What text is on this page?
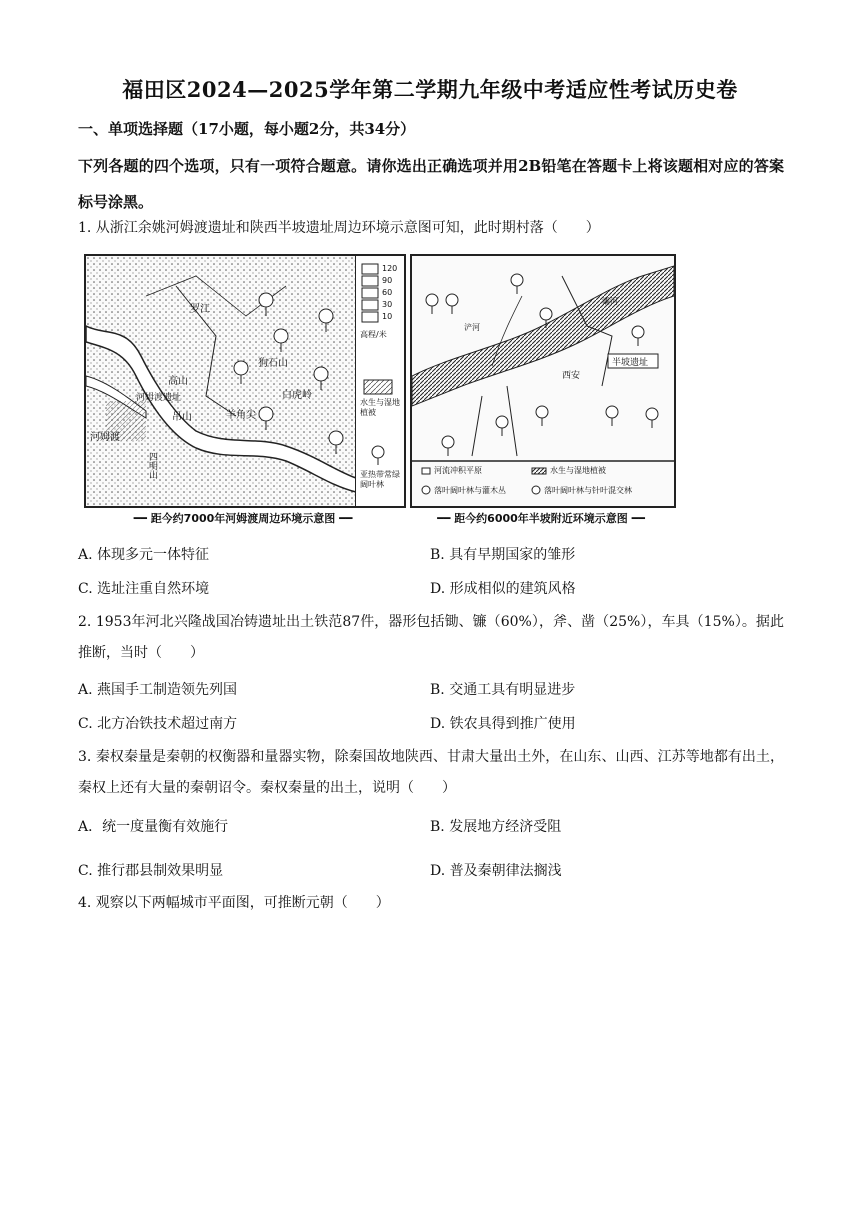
福田区2024—2025学年第二学期九年级中考适应性考试历史卷
一、单项选择题（17小题，每小题2分，共34分）
下列各题的四个选项，只有一项符合题意。请你选出正确选项并用2B铅笔在答题卡上将该题相对应的答案标号涂黑。
1. 从浙江余姚河姆渡遗址和陕西半坡遗址周边环境示意图可知，此时期村落（　　）
罗江
高山
河姆渡遗址
吊山
河姆渡
四明山
狗石山
白虎岭
羊角尖
120
90
60
30
10
高程/米
水生与湿地植被
亚热带常绿阔叶林
灞河
浐河
西安
半坡遗址
河流冲积平原	水生与湿地植被
落叶阔叶林与灌木丛	落叶阔叶林与针叶混交林
━━ 距今约7000年河姆渡周边环境示意图 ━━	━━ 距今约6000年半坡附近环境示意图 ━━
A. 体现多元一体特征	B. 具有早期国家的雏形
C. 选址注重自然环境	D. 形成相似的建筑风格
2. 1953年河北兴隆战国冶铸遗址出土铁范87件，器形包括锄、镰（60%），斧、凿（25%），车具（15%）。据此推断，当时（　　）
A. 燕国手工制造领先列国	B. 交通工具有明显进步
C. 北方冶铁技术超过南方	D. 铁农具得到推广使用
3. 秦权秦量是秦朝的权衡器和量器实物，除秦国故地陕西、甘肃大量出土外，在山东、山西、江苏等地都有出土，秦权上还有大量的秦朝诏令。秦权秦量的出土，说明（　　）
A．统一度量衡有效施行	B. 发展地方经济受阻
C. 推行郡县制效果明显	D. 普及秦朝律法搁浅
4. 观察以下两幅城市平面图，可推断元朝（　　）
